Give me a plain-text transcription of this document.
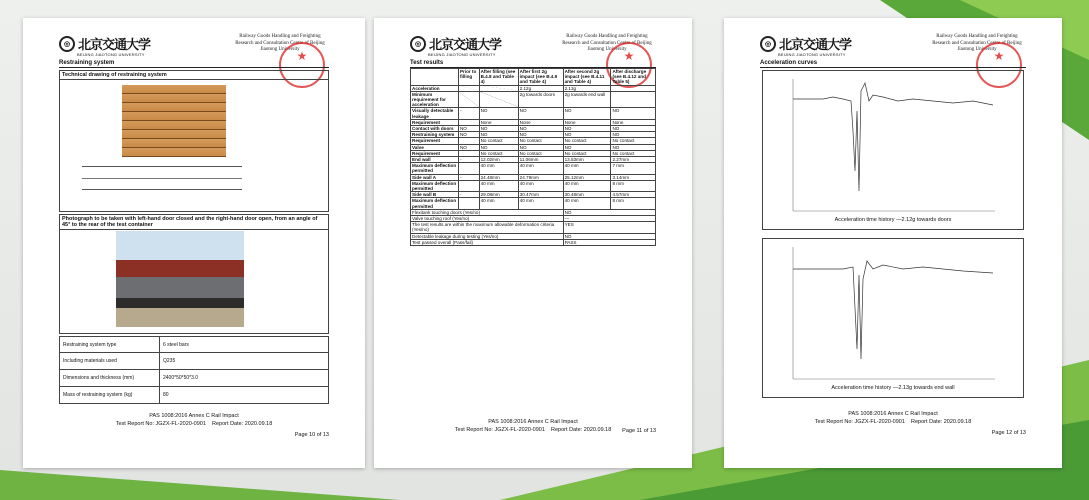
◎ 北京交通大学
BEIJING JIAOTONG UNIVERSITY
Railway Goods Handling and Freighting Research and Consultation Centre of Beijing Jiaotong University
★
Restraining system
Technical drawing of restraining system
Photograph to be taken with left-hand door closed and the right-hand door open, from an angle of 45° to the rear of the test container
Restraining system type	6 steel bars
Including materials used	Q235
Dimensions and thickness (mm)	2400*50*50*3.0
Mass of restraining system (kg)	80
PAS 1008:2016 Annex C Rail Impact
Test Report No: JGZX-FL-2020-0901 Report Date: 2020.09.18
Page 10 of 13
◎ 北京交通大学
BEIJING JIAOTONG UNIVERSITY
Railway Goods Handling and Freighting Research and Consultation Centre of Beijing Jiaotong University
★
Test results
	Prior to filling	After filling (see B.4.8 and Table 4)	After first 2g impact (see B.4.9 and Table 4)	After second 2g impact (see B.4.11 and Table 4)	After discharge (see B.4.12 and Table 5)
Acceleration			2.12g	2.13g	
Minimum requirement for acceleration			2g towards doors	2g towards end wall	
Visually detectable leakage	-	NO	NO	NO	NO
Requirement		None	None	None	None
Contact with doors	NO	NO	NO	NO	NO
Restraining system	NO	NO	NO	NO	NO
Requirement		No contact	No contact	No contact	No contact
Valve	NO	NO	NO	NO	NO
Requirement		No contact	No contact	No contact	No contact
End wall	-	12.02mm	11.06mm	13.53mm	2.27mm
Maximum deflection permitted		40 mm	40 mm	40 mm	7 mm
Side wall A	-	24.48mm	24.79mm	25.12mm	3.14mm
Maximum deflection permitted		40 mm	40 mm	40 mm	8 mm
Side wall B	-	29.08mm	30.47mm	30.48mm	4.57mm
Maximum deflection permitted		40 mm	40 mm	40 mm	8 mm
Flexitank touching doors (Yes/no)				NO	
Valve touching roof (Yes/no)				—	
The test results are within the maximum allowable deformation criteria (Yes/no)				YES	
Detectable leakage during testing (Yes/no)				NO	
Test passed overall (Pass/fail)				PASS	
PAS 1008:2016 Annex C Rail Impact
Test Report No: JGZX-FL-2020-0901 Report Date: 2020.09.18	Page 11 of 13
◎ 北京交通大学
BEIJING JIAOTONG UNIVERSITY
Railway Goods Handling and Freighting Research and Consultation Centre of Beijing Jiaotong University
★
Acceleration curves
Acceleration time history —2.12g towards doors
Acceleration time history —2.13g towards end wall
PAS 1008:2016 Annex C Rail Impact
Test Report No: JGZX-FL-2020-0901 Report Date: 2020.09.18
Page 12 of 13
